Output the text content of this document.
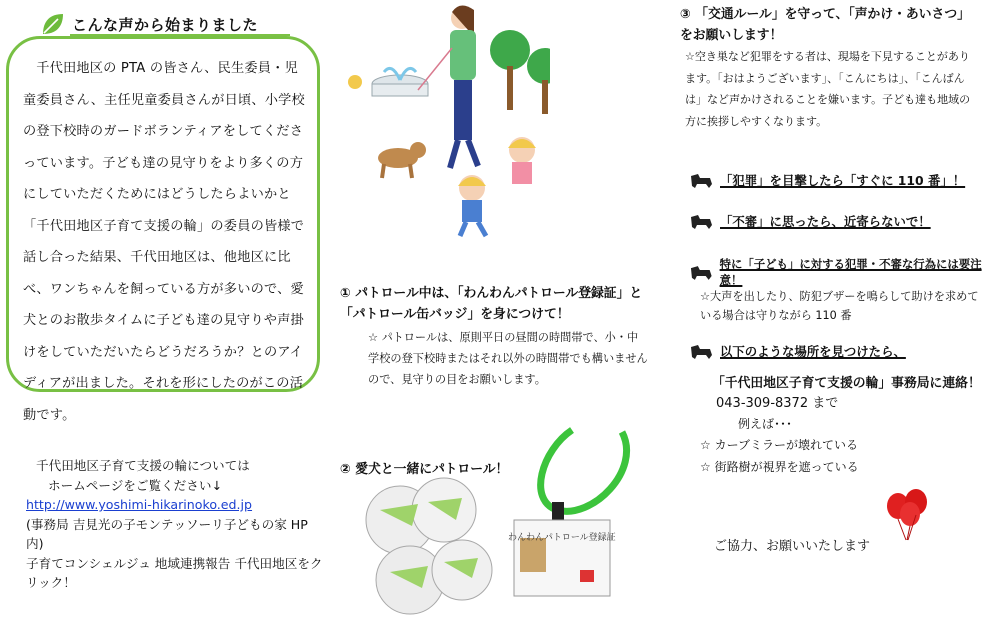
こんな声から始まりました

千代田地区の PTA の皆さん、民生委員・児童委員さん、主任児童委員さんが日頃、小学校の登下校時のガードボランティアをしてくださっています。子ども達の見守りをより多くの方にしていただくためにはどうしたらよいかと「千代田地区子育て支援の輪」の委員の皆様で話し合った結果、千代田地区は、他地区に比べ、ワンちゃんを飼っている方が多いので、愛犬とのお散歩タイムに子ども達の見守りや声掛けをしていただいたらどうだろうか？とのアイディアが出ました。それを形にしたのがこの活動です。

千代田地区子育て支援の輪については
ホームページをご覧ください↓
http://www.yoshimi-hikarinoko.ed.jp
(事務局 吉見光の子モンテッソーリ子どもの家 HP 内)
子育てコンシェルジュ 地域連携報告 千代田地区をクリック！
① パトロール中は、「わんわんパトロール登録証」と「パトロール缶バッジ」を身につけて！
☆ パトロールは、原則平日の昼間の時間帯で、小・中学校の登下校時またはそれ以外の時間帯でも構いませんので、見守りの目をお願いします。
わんわんパトロール登録証
② 愛犬と一緒にパトロール！
③ 「交通ルール」を守って、「声かけ・あいさつ」をお願いします！
☆空き巣など犯罪をする者は、現場を下見することがあります。「おはようございます」、「こんにちは」、「こんばんは」など声かけされることを嫌います。子ども達も地域の方に挨拶しやすくなります。
「犯罪」を目撃したら「すぐに 110 番」！
「不審」に思ったら、近寄らないで！
特に「子ども」に対する犯罪・不審な行為には要注意！
☆大声を出したり、防犯ブザーを鳴らして助けを求めている場合は守りながら 110 番
以下のような場所を見つけたら、
「千代田地区子育て支援の輪」事務局に連絡！
043-309-8372 まで
例えば･･･
☆ カーブミラーが壊れている
☆ 街路樹が視界を遮っている
ご協力、お願いいたします
